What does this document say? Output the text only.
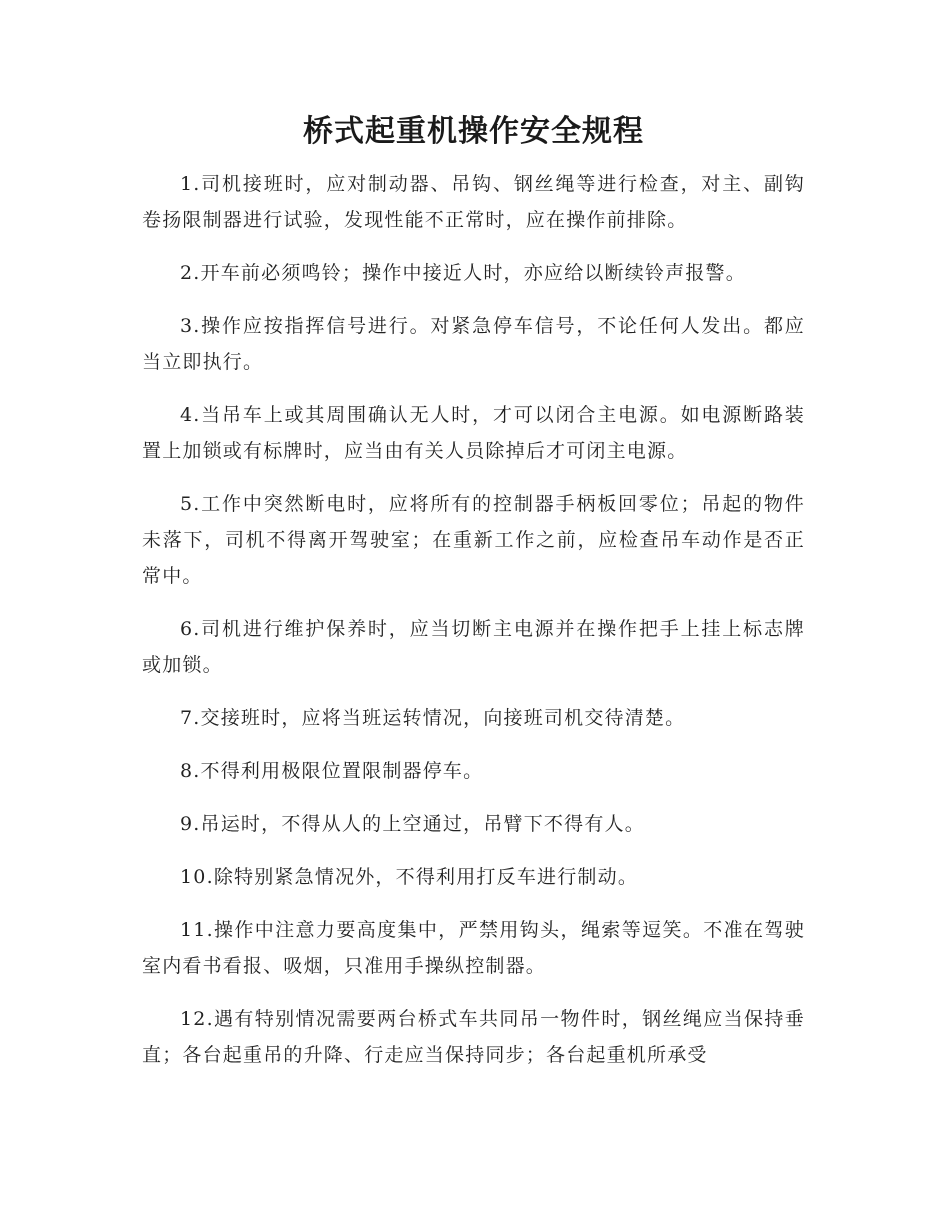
桥式起重机操作安全规程

1.司机接班时，应对制动器、吊钩、钢丝绳等进行检查，对主、副钩卷扬限制器进行试验，发现性能不正常时，应在操作前排除。

2.开车前必须鸣铃；操作中接近人时，亦应给以断续铃声报警。

3.操作应按指挥信号进行。对紧急停车信号，不论任何人发出。都应当立即执行。

4.当吊车上或其周围确认无人时，才可以闭合主电源。如电源断路装置上加锁或有标牌时，应当由有关人员除掉后才可闭主电源。

5.工作中突然断电时，应将所有的控制器手柄板回零位；吊起的物件未落下，司机不得离开驾驶室；在重新工作之前，应检查吊车动作是否正常中。

6.司机进行维护保养时，应当切断主电源并在操作把手上挂上标志牌或加锁。

7.交接班时，应将当班运转情况，向接班司机交待清楚。

8.不得利用极限位置限制器停车。

9.吊运时，不得从人的上空通过，吊臂下不得有人。

10.除特别紧急情况外，不得利用打反车进行制动。

11.操作中注意力要高度集中，严禁用钩头，绳索等逗笑。不准在驾驶室内看书看报、吸烟，只准用手操纵控制器。

12.遇有特别情况需要两台桥式车共同吊一物件时，钢丝绳应当保持垂直；各台起重吊的升降、行走应当保持同步；各台起重机所承受
